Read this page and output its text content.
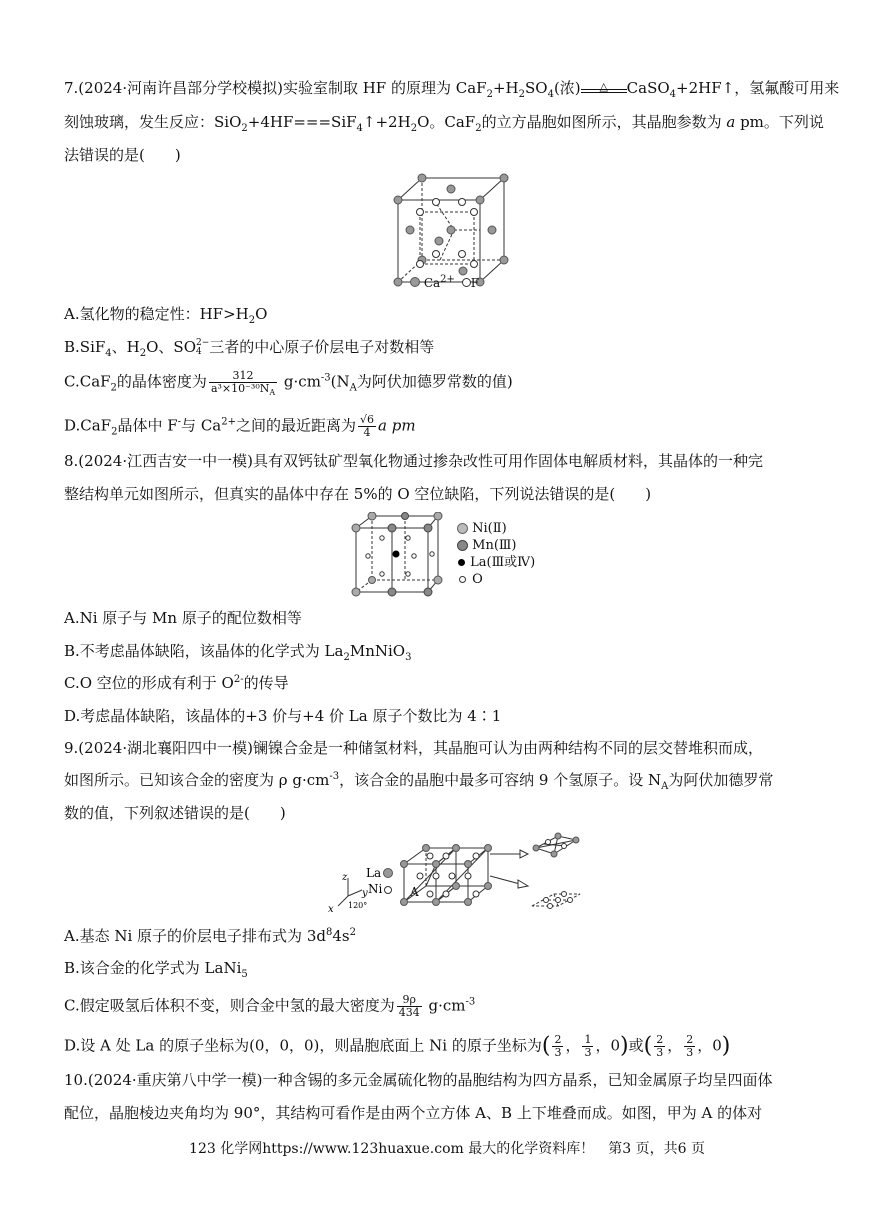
7.(2024·河南许昌部分学校模拟)实验室制取 HF 的原理为 $CaF_2+H_2SO_4$(浓)	△	CaSO$_4$+2HF↑，氢氟酸可用来
刻蚀玻璃，发生反应：$SiO_2+4HF===SiF_4↑+2H_2O$。CaF$_2$的立方晶胞如图所示，其晶胞参数为 a pm。下列说
法错误的是(　　)
$Ca^{2+}$ F
A.氢化物的稳定性：$HF>H_2O$
B.SiF$_4$、$H_2O$、SO 2−
4 三者的中心原子价层电子对数相等
C.CaF$_2$的晶体密度为 $\frac{312}{a^3\times 10^{-30}N_A} g\cdot cm^{-3}(N_A$为阿伏加德罗常数的值)
D.CaF$_2$晶体中 F-与 $Ca^{2+}$之间的最近距离为 $\frac{√6}{4}$ a pm
8.(2024·江西吉安一中一模)具有双钙钛矿型氧化物通过掺杂改性可用作固体电解质材料，其晶体的一种完
整结构单元如图所示，但真实的晶体中存在 5%的 O 空位缺陷，下列说法错误的是(　　)
Ni(Ⅱ)
Mn(Ⅲ)
La(Ⅲ或Ⅳ)
O
A.Ni 原子与 Mn 原子的配位数相等
B.不考虑晶体缺陷，该晶体的化学式为 $La_2MnNiO_3$
C.O 空位的形成有利于 $O^{2-}$的传导
D.考虑晶体缺陷，该晶体的+3 价与+4 价 La 原子个数比为 4∶1
9.(2024·湖北襄阳四中一模)镧镍合金是一种储氢材料，其晶胞可认为由两种结构不同的层交替堆积而成，
如图所示。已知该合金的密度为 ρ $g\cdot cm^{-3}$，该合金的晶胞中最多可容纳 9 个氢原子。设 $N_A$为阿伏加德罗常
数的值，下列叙述错误的是(　　)
z
y
x 120°
La
Ni A
A.基态 Ni 原子的价层电子排布式为 $3d^84s^2$
B.该合金的化学式为 LaNi$_5$
C.假定吸氢后体积不变，则合金中氢的最大密度为 $\frac{9\rho}{434} g\cdot cm^{-3}$
D.设 A 处 La 的原子坐标为(0，0，0)，则晶胞底面上 Ni 的原子坐标为( $\frac{2}{3}$ ， $\frac{1}{3}$ ，0)或( $\frac{2}{3}$ ， $\frac{2}{3}$ ，0)
10.(2024·重庆第八中学一模)一种含锡的多元金属硫化物的晶胞结构为四方晶系，已知金属原子均呈四面体
配位，晶胞棱边夹角均为 90°，其结构可看作是由两个立方体 A、B 上下堆叠而成。如图，甲为 A 的体对
123 化学网https://www.123huaxue.com 最大的化学资料库！　第3 页，共6 页
